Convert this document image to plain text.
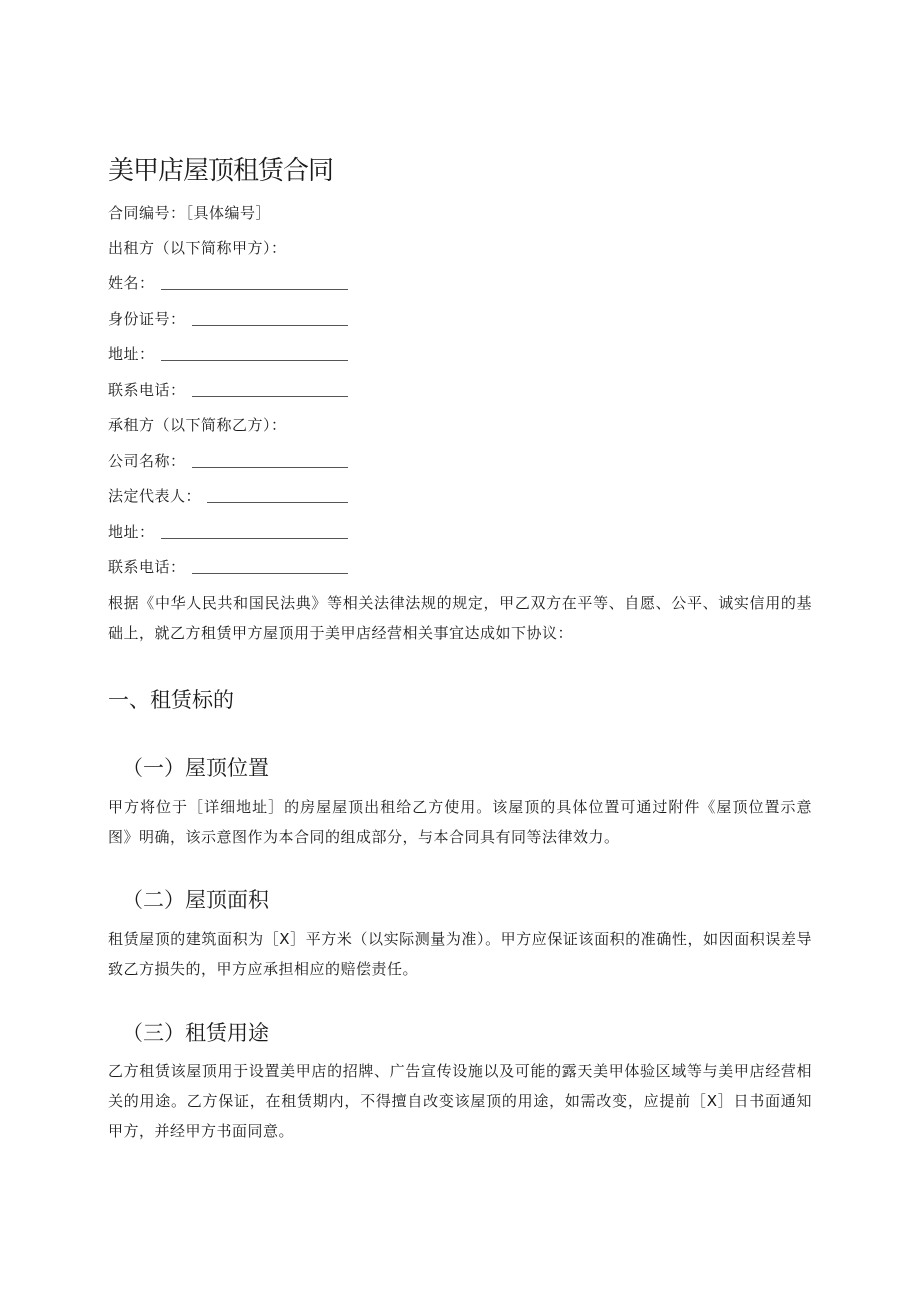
美甲店屋顶租赁合同
合同编号：［具体编号］
出租方（以下简称甲方）：
姓名：
身份证号：
地址：
联系电话：
承租方（以下简称乙方）：
公司名称：
法定代表人：
地址：
联系电话：

根据《中华人民共和国民法典》等相关法律法规的规定，甲乙双方在平等、自愿、公平、诚实信用的基础上，就乙方租赁甲方屋顶用于美甲店经营相关事宜达成如下协议：

一、租赁标的
（一）屋顶位置

甲方将位于［详细地址］的房屋屋顶出租给乙方使用。该屋顶的具体位置可通过附件《屋顶位置示意图》明确，该示意图作为本合同的组成部分，与本合同具有同等法律效力。

（二）屋顶面积

租赁屋顶的建筑面积为［X］平方米（以实际测量为准）。甲方应保证该面积的准确性，如因面积误差导致乙方损失的，甲方应承担相应的赔偿责任。

（三）租赁用途

乙方租赁该屋顶用于设置美甲店的招牌、广告宣传设施以及可能的露天美甲体验区域等与美甲店经营相关的用途。乙方保证，在租赁期内，不得擅自改变该屋顶的用途，如需改变，应提前［X］日书面通知甲方，并经甲方书面同意。
